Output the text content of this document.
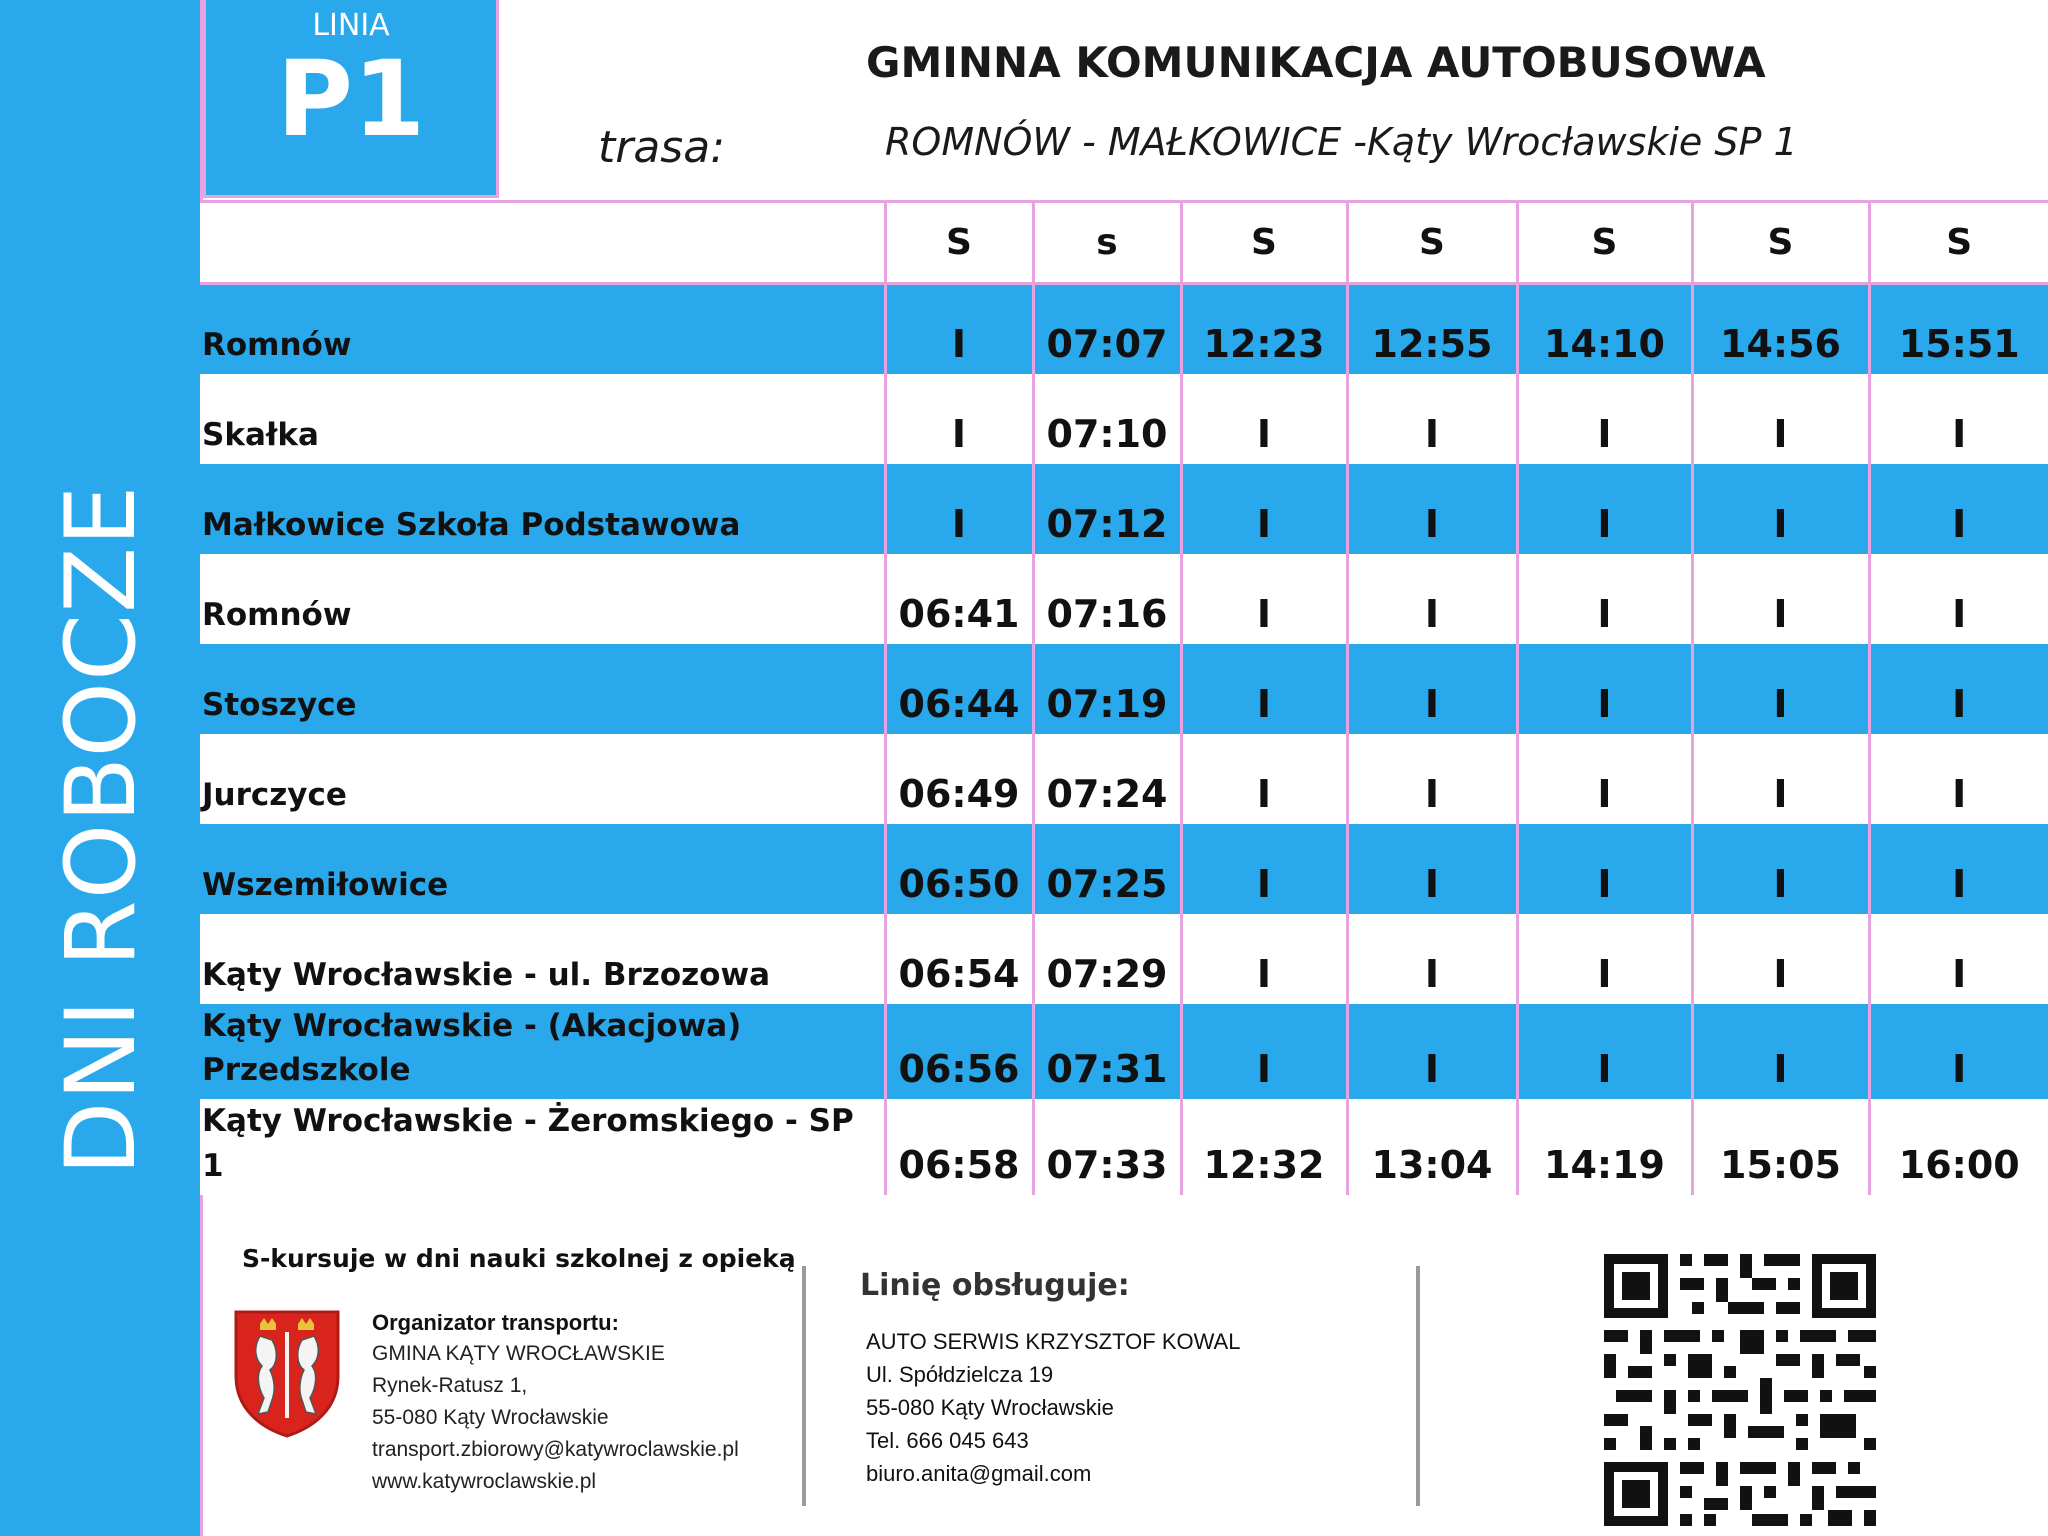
DNI ROBOCZE
LINIA
P1	GMINNA KOMUNIKACJA AUTOBUSOWA
trasa:	ROMNÓW - MAŁKOWICE -Kąty Wrocławskie SP 1
	S	s	S	S	S	S	S
Romnów	I	07:07	12:23	12:55	14:10	14:56	15:51
Skałka	I	07:10	I	I	I	I	I
Małkowice Szkoła Podstawowa	I	07:12	I	I	I	I	I
Romnów	06:41	07:16	I	I	I	I	I
Stoszyce	06:44	07:19	I	I	I	I	I
Jurczyce	06:49	07:24	I	I	I	I	I
Wszemiłowice	06:50	07:25	I	I	I	I	I
Kąty Wrocławskie - ul. Brzozowa	06:54	07:29	I	I	I	I	I
Kąty Wrocławskie - (Akacjowa) Przedszkole	06:56	07:31	I	I	I	I	I
Kąty Wrocławskie - Żeromskiego - SP 1	06:58	07:33	12:32	13:04	14:19	15:05	16:00
S-kursuje w dni nauki szkolnej z opieką
Organizator transportu:
GMINA KĄTY WROCŁAWSKIE
Rynek-Ratusz 1,
55-080 Kąty Wrocławskie
transport.zbiorowy@katywroclawskie.pl
www.katywroclawskie.pl
Linię obsługuje:
AUTO SERWIS KRZYSZTOF KOWAL
Ul. Spółdzielcza 19
55-080 Kąty Wrocławskie
Tel. 666 045 643
biuro.anita@gmail.com
